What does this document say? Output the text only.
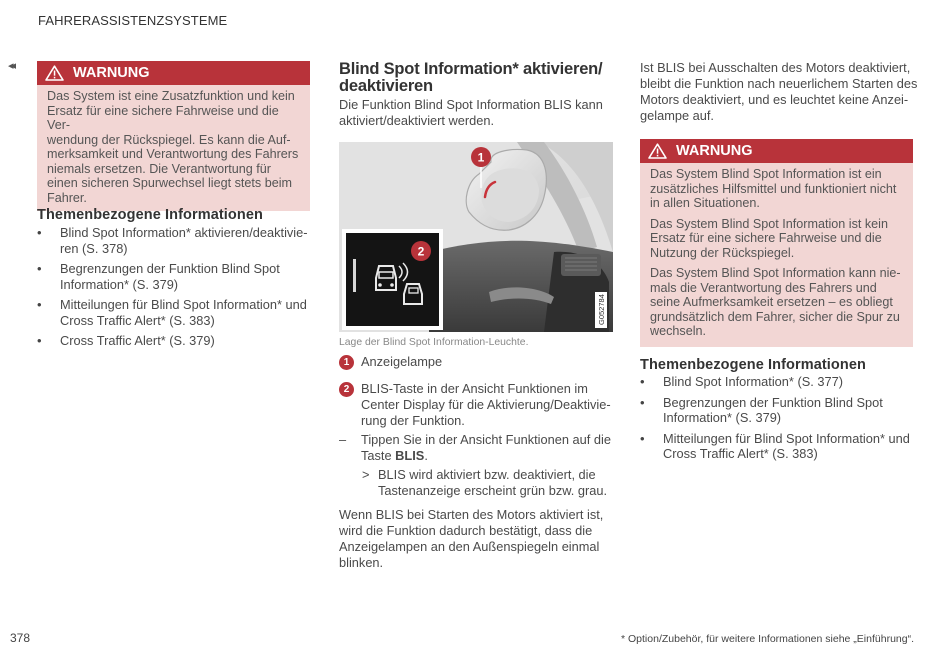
FAHRERASSISTENZSYSTEME
◂◂	WARNUNG

Das System ist eine Zusatzfunktion und kein
Ersatz für eine sichere Fahrweise und die Ver-
wendung der Rückspiegel. Es kann die Auf-
merksamkeit und Verantwortung des Fahrers
niemals ersetzen. Die Verantwortung für
einen sicheren Spurwechsel liegt stets beim
Fahrer.

Themenbezogene Informationen
• Blind Spot Information* aktivieren/deaktivie-
ren (S. 378)
• Begrenzungen der Funktion Blind Spot
Information* (S. 379)
• Mitteilungen für Blind Spot Information* und
Cross Traffic Alert* (S. 383)
• Cross Traffic Alert* (S. 379)
Blind Spot Information* aktivieren/
deaktivieren
Die Funktion Blind Spot Information BLIS kann
aktiviert/deaktiviert werden.
1
2
G052784
Lage der Blind Spot Information-Leuchte.
1 Anzeigelampe
2 BLIS-Taste in der Ansicht Funktionen im
Center Display für die Aktivierung/Deaktivie-
rung der Funktion.
–	Tippen Sie in der Ansicht Funktionen auf die
Taste BLIS.
> BLIS wird aktiviert bzw. deaktiviert, die
Tastenanzeige erscheint grün bzw. grau.
Wenn BLIS bei Starten des Motors aktiviert ist,
wird die Funktion dadurch bestätigt, dass die
Anzeigelampen an den Außenspiegeln einmal
blinken.
Ist BLIS bei Ausschalten des Motors deaktiviert,
bleibt die Funktion nach neuerlichem Starten des
Motors deaktiviert, und es leuchtet keine Anzei-
gelampe auf.
WARNUNG

Das System Blind Spot Information ist ein
zusätzliches Hilfsmittel und funktioniert nicht
in allen Situationen.

Das System Blind Spot Information ist kein
Ersatz für eine sichere Fahrweise und die
Nutzung der Rückspiegel.

Das System Blind Spot Information kann nie-
mals die Verantwortung des Fahrers und
seine Aufmerksamkeit ersetzen – es obliegt
grundsätzlich dem Fahrer, sicher die Spur zu
wechseln.

Themenbezogene Informationen
• Blind Spot Information* (S. 377)
• Begrenzungen der Funktion Blind Spot
Information* (S. 379)
• Mitteilungen für Blind Spot Information* und
Cross Traffic Alert* (S. 383)
378	* Option/Zubehör, für weitere Informationen siehe „Einführung“.
